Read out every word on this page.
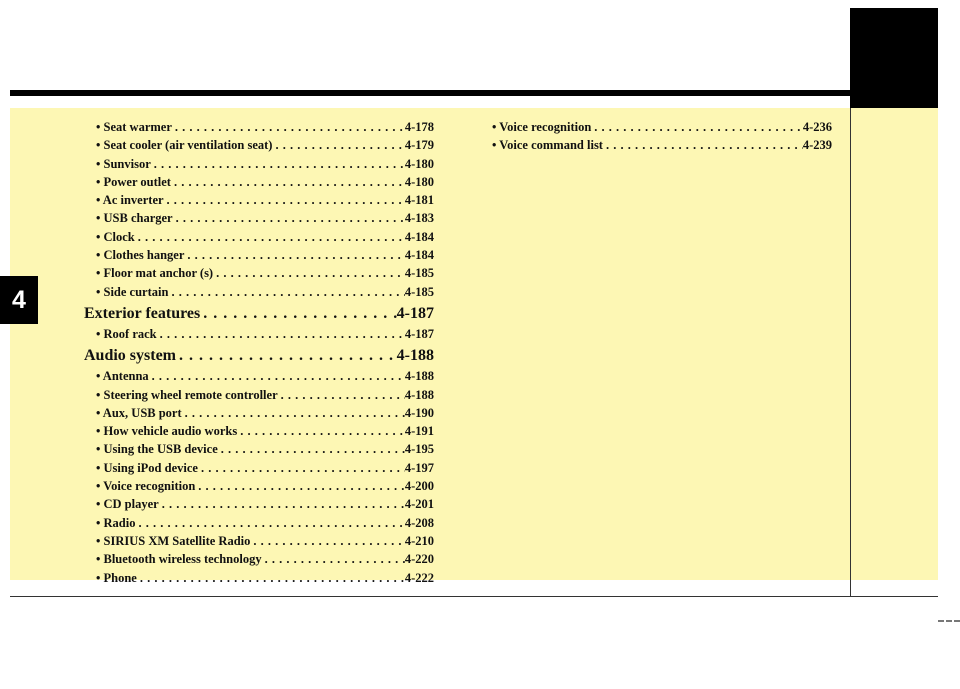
4
• Seat warmer . . .	4-178
• Seat cooler (air ventilation seat) . . .	4-179
• Sunvisor . . .	4-180
• Power outlet . . .	4-180
• Ac inverter . . .	4-181
• USB charger . . .	4-183
• Clock . . .	4-184
• Clothes hanger . . .	4-184
• Floor mat anchor (s) . . .	4-185
• Side curtain . . .	4-185
Exterior features . . .	4-187
• Roof rack . . .	4-187
Audio system . . .	4-188
• Antenna . . .	4-188
• Steering wheel remote controller . . .	4-188
• Aux, USB port . . .	4-190
• How vehicle audio works . . .	4-191
• Using the USB device . . .	4-195
• Using iPod device . . .	4-197
• Voice recognition . . .	4-200
• CD player . . .	4-201
• Radio . . .	4-208
• SIRIUS XM Satellite Radio . . .	4-210
• Bluetooth wireless technology . . .	4-220
• Phone . . .	4-222
• Voice recognition . . .	4-236
• Voice command list . . .	4-239
